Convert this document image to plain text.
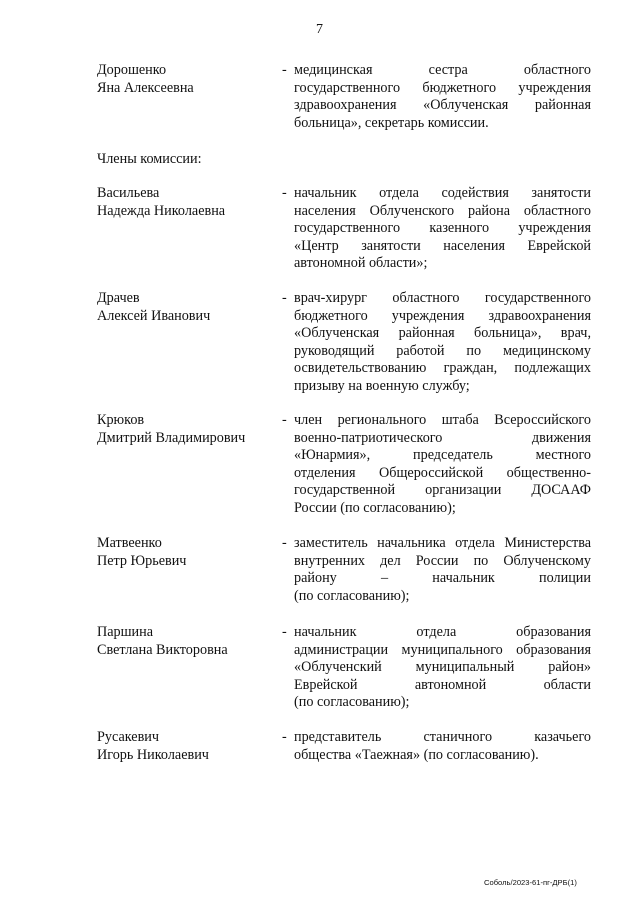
7
Дорошенко
Яна Алексеевна
- медицинская сестра областного
государственного бюджетного учреждения
здравоохранения «Облученская районная
больница», секретарь комиссии.
Члены комиссии:
Васильева
Надежда Николаевна
- начальник отдела содействия занятости
населения Облученского района областного
государственного казенного учреждения
«Центр занятости населения Еврейской
автономной области»;
Драчев
Алексей Иванович
- врач-хирург областного государственного
бюджетного учреждения здравоохранения
«Облученская районная больница», врач,
руководящий работой по медицинскому
освидетельствованию граждан, подлежащих
призыву на военную службу;
Крюков
Дмитрий Владимирович
- член регионального штаба Всероссийского
военно-патриотического движения
«Юнармия», председатель местного
отделения Общероссийской общественно-
государственной организации ДОСААФ
России (по согласованию);
Матвеенко
Петр Юрьевич
- заместитель начальника отдела Министерства
внутренних дел России по Облученскому
району – начальник полиции
(по согласованию);
Паршина
Светлана Викторовна
- начальник отдела образования
администрации муниципального образования
«Облученский муниципальный район»
Еврейской автономной области
(по согласованию);
Русакевич
Игорь Николаевич
- представитель станичного казачьего
общества «Таежная» (по согласованию).
Соболь/2023-61-пг-ДРБ(1)
